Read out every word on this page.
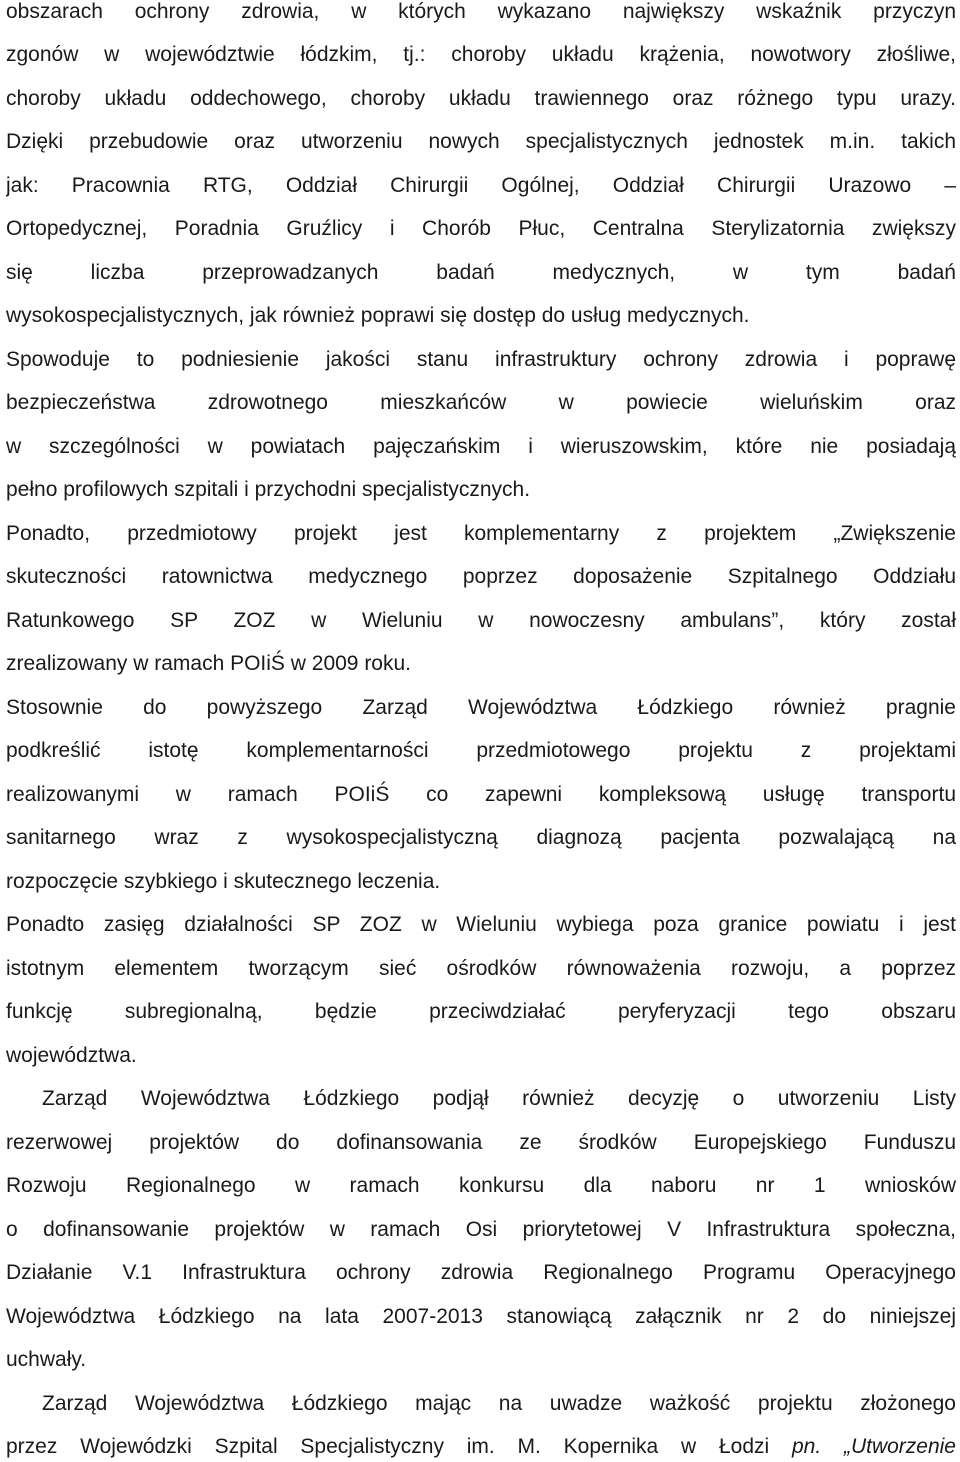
obszarach ochrony zdrowia, w których wykazano największy wskaźnik przyczyn
zgonów w województwie łódzkim, tj.: choroby układu krążenia, nowotwory złośliwe,
choroby układu oddechowego, choroby układu trawiennego oraz różnego typu urazy.
Dzięki przebudowie oraz utworzeniu nowych specjalistycznych jednostek m.in. takich
jak: Pracownia RTG, Oddział Chirurgii Ogólnej, Oddział Chirurgii Urazowo –
Ortopedycznej, Poradnia Gruźlicy i Chorób Płuc, Centralna Sterylizatornia zwiększy
się liczba przeprowadzanych badań medycznych, w tym badań
wysokospecjalistycznych, jak również poprawi się dostęp do usług medycznych.
Spowoduje to podniesienie jakości stanu infrastruktury ochrony zdrowia i poprawę
bezpieczeństwa zdrowotnego mieszkańców w powiecie wieluńskim oraz
w szczególności w powiatach pajęczańskim i wieruszowskim, które nie posiadają
pełno profilowych szpitali i przychodni specjalistycznych.
Ponadto, przedmiotowy projekt jest komplementarny z projektem „Zwiększenie
skuteczności ratownictwa medycznego poprzez doposażenie Szpitalnego Oddziału
Ratunkowego SP ZOZ w Wieluniu w nowoczesny ambulans”, który został
zrealizowany w ramach POIiŚ w 2009 roku.
Stosownie do powyższego Zarząd Województwa Łódzkiego również pragnie
podkreślić istotę komplementarności przedmiotowego projektu z projektami
realizowanymi w ramach POIiŚ co zapewni kompleksową usługę transportu
sanitarnego wraz z wysokospecjalistyczną diagnozą pacjenta pozwalającą na
rozpoczęcie szybkiego i skutecznego leczenia.
Ponadto zasięg działalności SP ZOZ w Wieluniu wybiega poza granice powiatu i jest
istotnym elementem tworzącym sieć ośrodków równoważenia rozwoju, a poprzez
funkcję subregionalną, będzie przeciwdziałać peryferyzacji tego obszaru
województwa.
Zarząd Województwa Łódzkiego podjął również decyzję o utworzeniu Listy
rezerwowej projektów do dofinansowania ze środków Europejskiego Funduszu
Rozwoju Regionalnego w ramach konkursu dla naboru nr 1 wniosków
o dofinansowanie projektów w ramach Osi priorytetowej V Infrastruktura społeczna,
Działanie V.1 Infrastruktura ochrony zdrowia Regionalnego Programu Operacyjnego
Województwa Łódzkiego na lata 2007-2013 stanowiącą załącznik nr 2 do niniejszej
uchwały.
Zarząd Województwa Łódzkiego mając na uwadze ważkość projektu złożonego
przez Wojewódzki Szpital Specjalistyczny im. M. Kopernika w Łodzi pn. „Utworzenie
